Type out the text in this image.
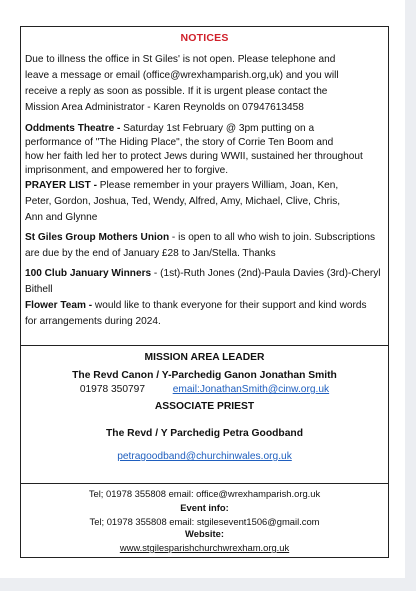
NOTICES

Due to illness the office in St Giles' is not open. Please telephone and

leave a message or email (office@wrexhamparish.org,uk) and you will

receive a reply as soon as possible. If it is urgent please contact the

Mission Area Administrator - Karen Reynolds on 07947613458

Oddments Theatre - Saturday 1st February @ 3pm putting on a

performance of "The Hiding Place", the story of Corrie Ten Boom and

how her faith led her to protect Jews during WWII, sustained her throughout

imprisonment, and empowered her to forgive.

PRAYER LIST - Please remember in your prayers William, Joan, Ken,

Peter, Gordon, Joshua, Ted, Wendy, Alfred, Amy, Michael, Clive, Chris,

Ann and Glynne

St Giles Group Mothers Union - is open to all who wish to join. Subscriptions

are due by the end of January £28 to Jan/Stella. Thanks

100 Club January Winners - (1st)-Ruth Jones (2nd)-Paula Davies (3rd)-Cheryl

Bithell

Flower Team - would like to thank everyone for their support and kind words

for arrangements during 2024.

MISSION AREA LEADER
The Revd Canon / Y-Parchedig Ganon Jonathan Smith
01978 350797	email:JonathanSmith@cinw.org.uk
ASSOCIATE PRIEST
The Revd / Y Parchedig Petra Goodband
petragoodband@churchinwales.org.uk
Tel; 01978 355808 email: office@wrexhamparish.org.uk
Event info:
Tel; 01978 355808 email: stgilesevent1506@gmail.com
Website:
www.stgilesparishchurchwrexham.org.uk
